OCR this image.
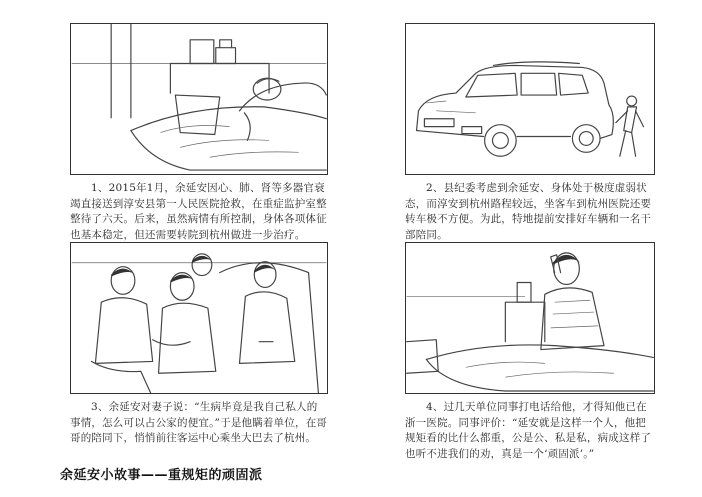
1、2015年1月，余延安因心、肺、肾等多器官衰竭直接送到淳安县第一人民医院抢救，在重症监护室整整待了六天。后来，虽然病情有所控制，身体各项体征也基本稳定，但还需要转院到杭州做进一步治疗。

2、县纪委考虑到余延安、身体处于极度虚弱状态，而淳安到杭州路程较远，坐客车到杭州医院还要转车极不方便。为此，特地提前安排好车辆和一名干部陪同。

3、余延安对妻子说：“生病毕竟是我自己私人的事情，怎么可以占公家的便宜。”于是他瞒着单位，在哥哥的陪同下，悄悄前往客运中心乘坐大巴去了杭州。

4、过几天单位同事打电话给他，才得知他已在浙一医院。同事评价：“延安就是这样一个人，他把规矩看的比什么都重，公是公、私是私，病成这样了也听不进我们的劝，真是一个‘顽固派’。”

余延安小故事——重规矩的顽固派
